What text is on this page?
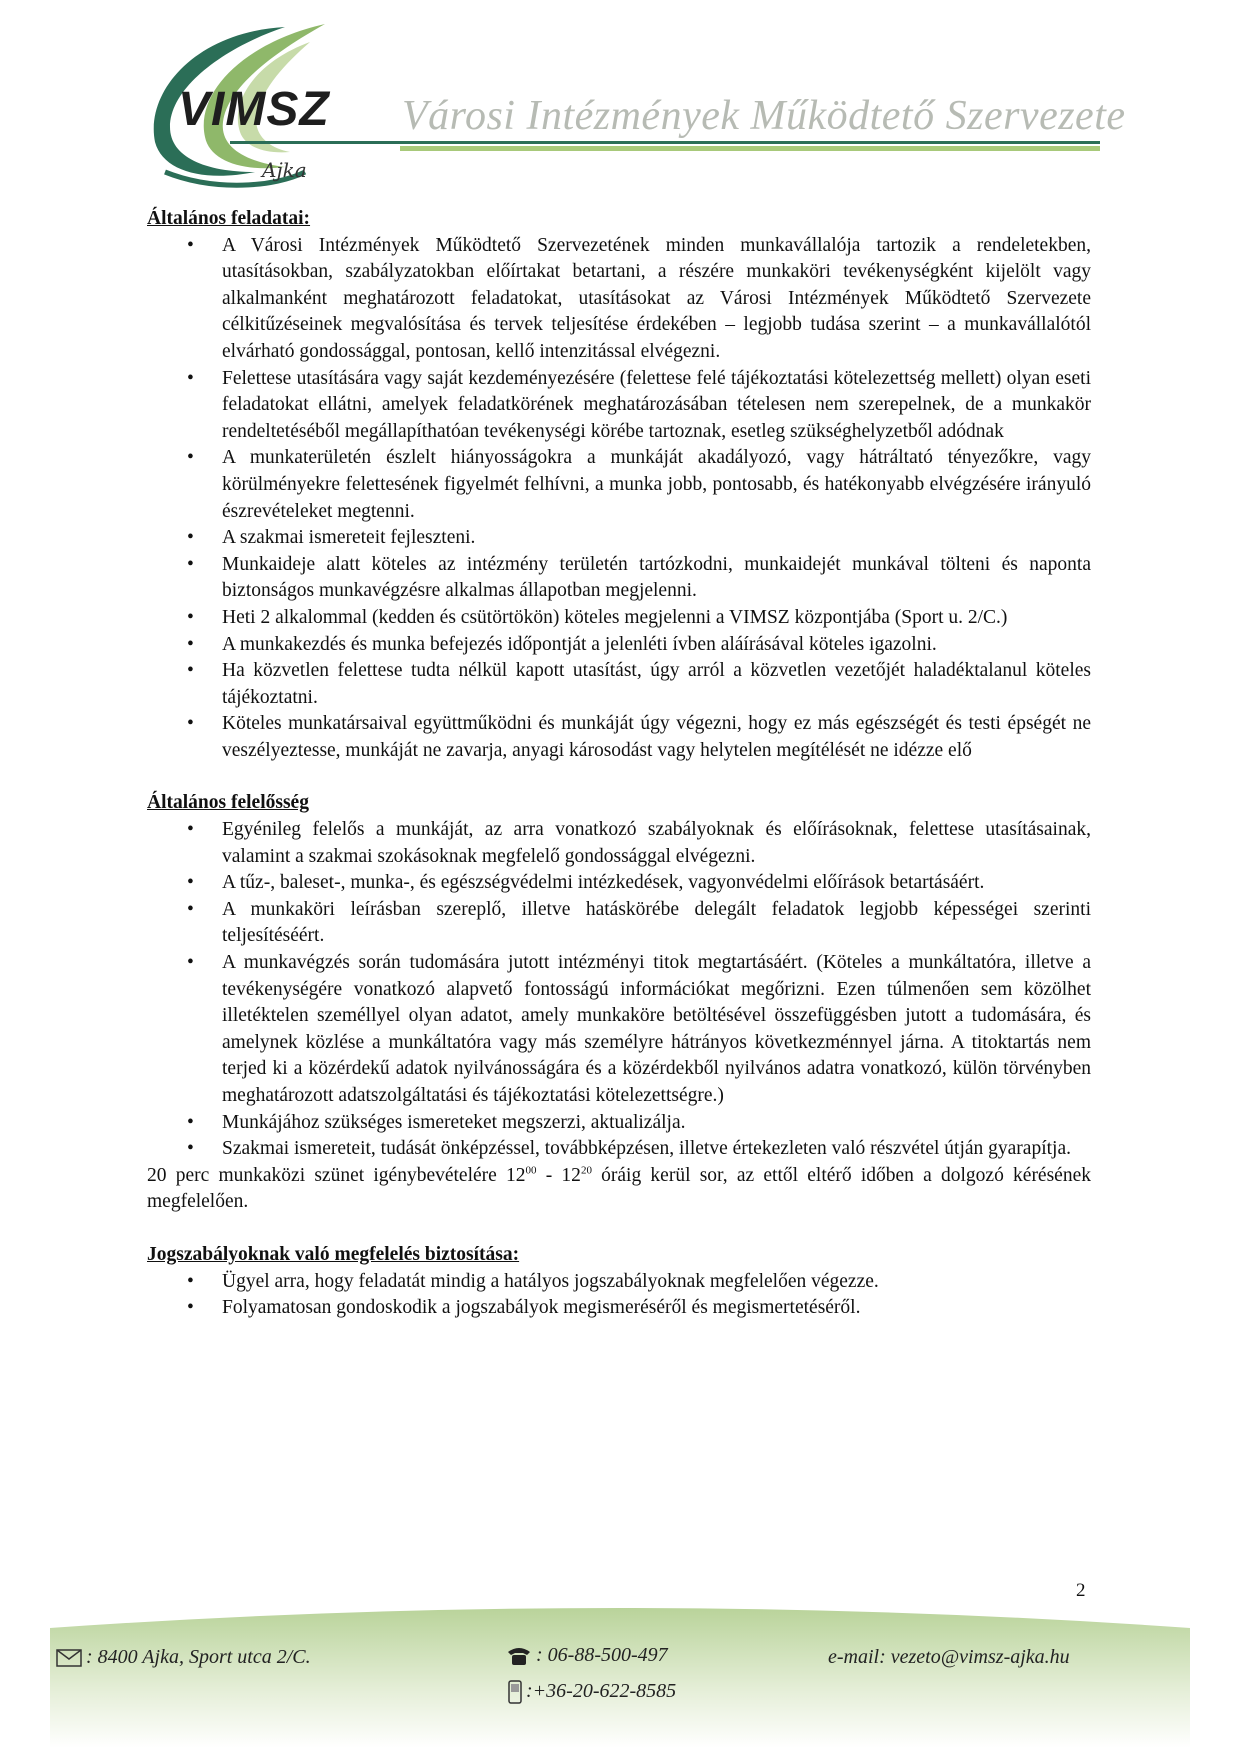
VIMSZ
Ajka
Városi Intézmények Működtető Szervezete

Általános feladatai:

• A Városi Intézmények Működtető Szervezetének minden munkavállalója tartozik a rendeletekben, utasításokban, szabályzatokban előírtakat betartani, a részére munkaköri tevékenységként kijelölt vagy alkalmanként meghatározott feladatokat, utasításokat az Városi Intézmények Működtető Szervezete célkitűzéseinek megvalósítása és tervek teljesítése érdekében – legjobb tudása szerint – a munkavállalótól elvárható gondossággal, pontosan, kellő intenzitással elvégezni.
• Felettese utasítására vagy saját kezdeményezésére (felettese felé tájékoztatási kötelezettség mellett) olyan eseti feladatokat ellátni, amelyek feladatkörének meghatározásában tételesen nem szerepelnek, de a munkakör rendeltetéséből megállapíthatóan tevékenységi körébe tartoznak, esetleg szükséghelyzetből adódnak
• A munkaterületén észlelt hiányosságokra a munkáját akadályozó, vagy hátráltató tényezőkre, vagy körülményekre felettesének figyelmét felhívni, a munka jobb, pontosabb, és hatékonyabb elvégzésére irányuló észrevételeket megtenni.
• A szakmai ismereteit fejleszteni.
• Munkaideje alatt köteles az intézmény területén tartózkodni, munkaidejét munkával tölteni és naponta biztonságos munkavégzésre alkalmas állapotban megjelenni.
• Heti 2 alkalommal (kedden és csütörtökön) köteles megjelenni a VIMSZ központjába (Sport u. 2/C.)
• A munkakezdés és munka befejezés időpontját a jelenléti ívben aláírásával köteles igazolni.
• Ha közvetlen felettese tudta nélkül kapott utasítást, úgy arról a közvetlen vezetőjét haladéktalanul köteles tájékoztatni.
• Köteles munkatársaival együttműködni és munkáját úgy végezni, hogy ez más egészségét és testi épségét ne veszélyeztesse, munkáját ne zavarja, anyagi károsodást vagy helytelen megítélését ne idézze elő

Általános felelősség

• Egyénileg felelős a munkáját, az arra vonatkozó szabályoknak és előírásoknak, felettese utasításainak, valamint a szakmai szokásoknak megfelelő gondossággal elvégezni.
• A tűz-, baleset-, munka-, és egészségvédelmi intézkedések, vagyonvédelmi előírások betartásáért.
• A munkaköri leírásban szereplő, illetve hatáskörébe delegált feladatok legjobb képességei szerinti teljesítéséért.
• A munkavégzés során tudomására jutott intézményi titok megtartásáért. (Köteles a munkáltatóra, illetve a tevékenységére vonatkozó alapvető fontosságú információkat megőrizni. Ezen túlmenően sem közölhet illetéktelen személlyel olyan adatot, amely munkaköre betöltésével összefüggésben jutott a tudomására, és amelynek közlése a munkáltatóra vagy más személyre hátrányos következménnyel járna. A titoktartás nem terjed ki a közérdekű adatok nyilvánosságára és a közérdekből nyilvános adatra vonatkozó, külön törvényben meghatározott adatszolgáltatási és tájékoztatási kötelezettségre.)
• Munkájához szükséges ismereteket megszerzi, aktualizálja.
• Szakmai ismereteit, tudását önképzéssel, továbbképzésen, illetve értekezleten való részvétel útján gyarapítja.

20 perc munkaközi szünet igénybevételére $12^{00} - 12^{20}$ óráig kerül sor, az ettől eltérő időben a dolgozó kérésének megfelelően.

Jogszabályoknak való megfelelés biztosítása:

• Ügyel arra, hogy feladatát mindig a hatályos jogszabályoknak megfelelően végezze.
• Folyamatosan gondoskodik a jogszabályok megismeréséről és megismertetéséről.
2
: 8400 Ajka, Sport utca 2/C.	: 06-88-500-497	e-mail: vezeto@vimsz-ajka.hu
:+36-20-622-8585
